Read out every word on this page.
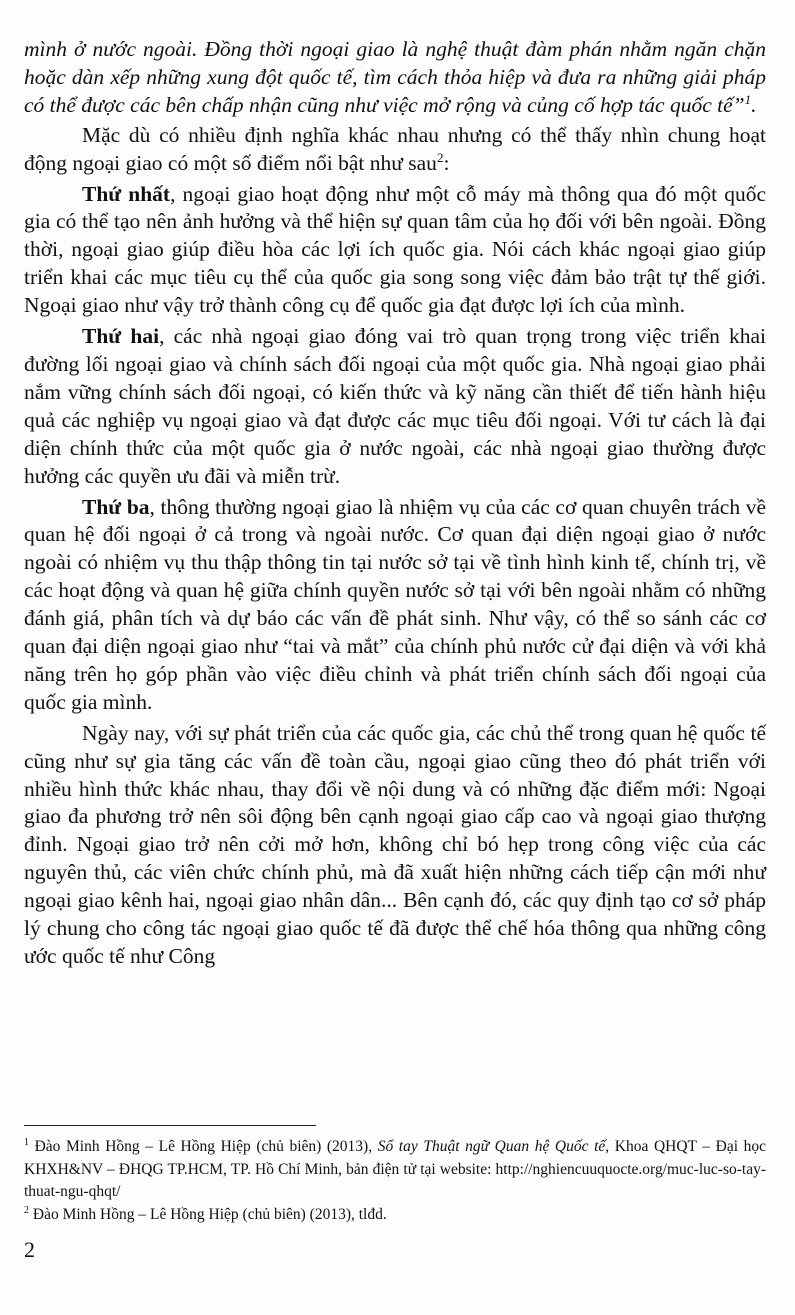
mình ở nước ngoài. Đồng thời ngoại giao là nghệ thuật đàm phán nhằm ngăn chặn hoặc dàn xếp những xung đột quốc tế, tìm cách thỏa hiệp và đưa ra những giải pháp có thể được các bên chấp nhận cũng như việc mở rộng và củng cố hợp tác quốc tế”$^1$.

Mặc dù có nhiều định nghĩa khác nhau nhưng có thể thấy nhìn chung hoạt động ngoại giao có một số điểm nổi bật như sau$^2$:

Thứ nhất, ngoại giao hoạt động như một cỗ máy mà thông qua đó một quốc gia có thể tạo nên ảnh hưởng và thể hiện sự quan tâm của họ đối với bên ngoài. Đồng thời, ngoại giao giúp điều hòa các lợi ích quốc gia. Nói cách khác ngoại giao giúp triển khai các mục tiêu cụ thể của quốc gia song song việc đảm bảo trật tự thế giới. Ngoại giao như vậy trở thành công cụ để quốc gia đạt được lợi ích của mình.

Thứ hai, các nhà ngoại giao đóng vai trò quan trọng trong việc triển khai đường lối ngoại giao và chính sách đối ngoại của một quốc gia. Nhà ngoại giao phải nắm vững chính sách đối ngoại, có kiến thức và kỹ năng cần thiết để tiến hành hiệu quả các nghiệp vụ ngoại giao và đạt được các mục tiêu đối ngoại. Với tư cách là đại diện chính thức của một quốc gia ở nước ngoài, các nhà ngoại giao thường được hưởng các quyền ưu đãi và miễn trừ.

Thứ ba, thông thường ngoại giao là nhiệm vụ của các cơ quan chuyên trách về quan hệ đối ngoại ở cả trong và ngoài nước. Cơ quan đại diện ngoại giao ở nước ngoài có nhiệm vụ thu thập thông tin tại nước sở tại về tình hình kinh tế, chính trị, về các hoạt động và quan hệ giữa chính quyền nước sở tại với bên ngoài nhằm có những đánh giá, phân tích và dự báo các vấn đề phát sinh. Như vậy, có thể so sánh các cơ quan đại diện ngoại giao như “tai và mắt” của chính phủ nước cử đại diện và với khả năng trên họ góp phần vào việc điều chỉnh và phát triển chính sách đối ngoại của quốc gia mình.

Ngày nay, với sự phát triển của các quốc gia, các chủ thể trong quan hệ quốc tế cũng như sự gia tăng các vấn đề toàn cầu, ngoại giao cũng theo đó phát triển với nhiều hình thức khác nhau, thay đổi về nội dung và có những đặc điểm mới: Ngoại giao đa phương trở nên sôi động bên cạnh ngoại giao cấp cao và ngoại giao thượng đỉnh. Ngoại giao trở nên cởi mở hơn, không chỉ bó hẹp trong công việc của các nguyên thủ, các viên chức chính phủ, mà đã xuất hiện những cách tiếp cận mới như ngoại giao kênh hai, ngoại giao nhân dân... Bên cạnh đó, các quy định tạo cơ sở pháp lý chung cho công tác ngoại giao quốc tế đã được thể chế hóa thông qua những công ước quốc tế như Công

$^1$ Đào Minh Hồng – Lê Hồng Hiệp (chủ biên) (2013), Sổ tay Thuật ngữ Quan hệ Quốc tế, Khoa QHQT – Đại học KHXH&NV – ĐHQG TP.HCM, TP. Hồ Chí Minh, bản điện tử tại website: http://nghiencuuquocte.org/muc-luc-so-tay-thuat-ngu-qhqt/

$^2$ Đào Minh Hồng – Lê Hồng Hiệp (chủ biên) (2013), tlđd.

2
